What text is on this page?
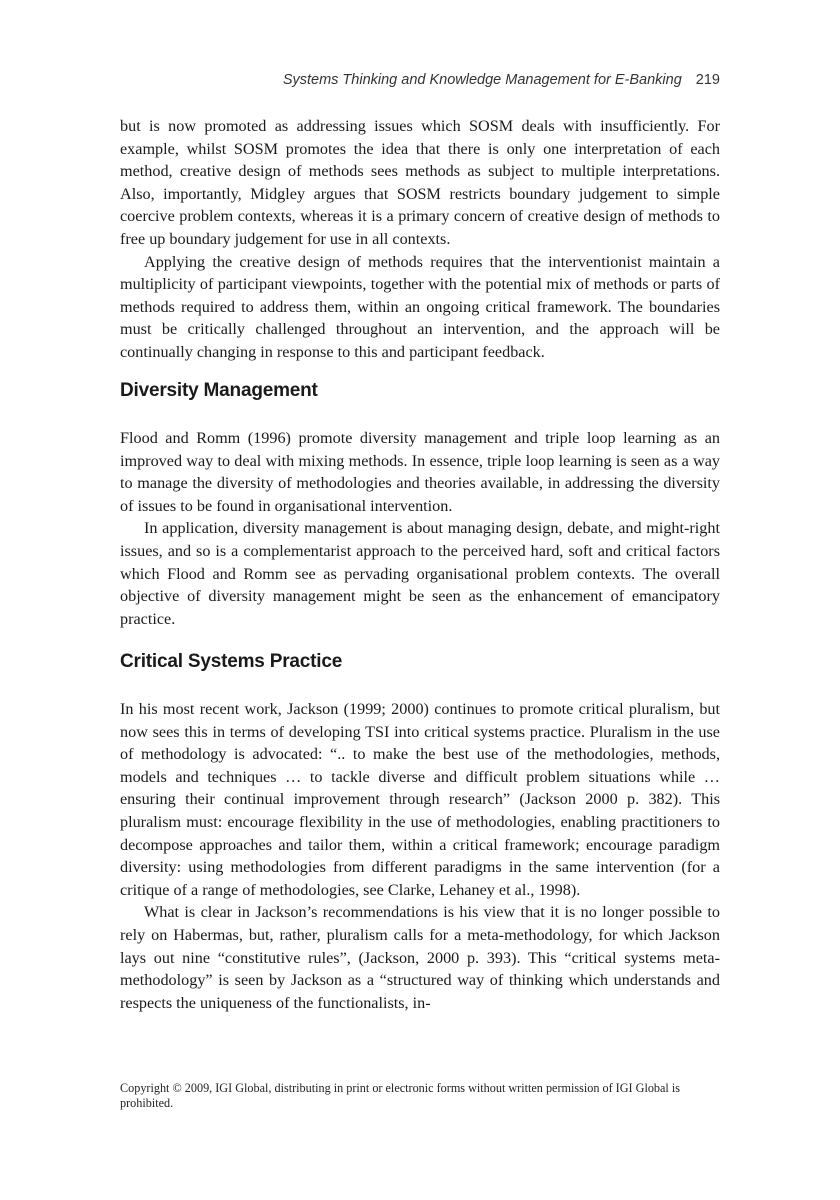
Systems Thinking and Knowledge Management for E-Banking 219

but is now promoted as addressing issues which SOSM deals with insufficiently. For example, whilst SOSM promotes the idea that there is only one interpretation of each method, creative design of methods sees methods as subject to multiple interpretations. Also, importantly, Midgley argues that SOSM restricts boundary judgement to simple coercive problem contexts, whereas it is a primary concern of creative design of methods to free up boundary judgement for use in all contexts.

Applying the creative design of methods requires that the interventionist maintain a multiplicity of participant viewpoints, together with the potential mix of methods or parts of methods required to address them, within an ongoing critical framework. The boundaries must be critically challenged throughout an intervention, and the approach will be continually changing in response to this and participant feedback.

Diversity Management

Flood and Romm (1996) promote diversity management and triple loop learning as an improved way to deal with mixing methods. In essence, triple loop learning is seen as a way to manage the diversity of methodologies and theories available, in addressing the diversity of issues to be found in organisational intervention.

In application, diversity management is about managing design, debate, and might-right issues, and so is a complementarist approach to the perceived hard, soft and critical factors which Flood and Romm see as pervading organisational problem contexts. The overall objective of diversity management might be seen as the enhancement of emancipatory practice.

Critical Systems Practice

In his most recent work, Jackson (1999; 2000) continues to promote critical pluralism, but now sees this in terms of developing TSI into critical systems practice. Pluralism in the use of methodology is advocated: “.. to make the best use of the methodologies, methods, models and techniques … to tackle diverse and difficult problem situations while … ensuring their continual improvement through research” (Jackson 2000 p. 382). This pluralism must: encourage flexibility in the use of methodologies, enabling practitioners to decompose approaches and tailor them, within a critical framework; encourage paradigm diversity: using methodologies from different paradigms in the same intervention (for a critique of a range of methodologies, see Clarke, Lehaney et al., 1998).

What is clear in Jackson’s recommendations is his view that it is no longer possible to rely on Habermas, but, rather, pluralism calls for a meta-methodology, for which Jackson lays out nine “constitutive rules”, (Jackson, 2000 p. 393). This “critical systems meta-methodology” is seen by Jackson as a “structured way of thinking which understands and respects the uniqueness of the functionalists, in-

Copyright © 2009, IGI Global, distributing in print or electronic forms without written permission of IGI Global is prohibited.
